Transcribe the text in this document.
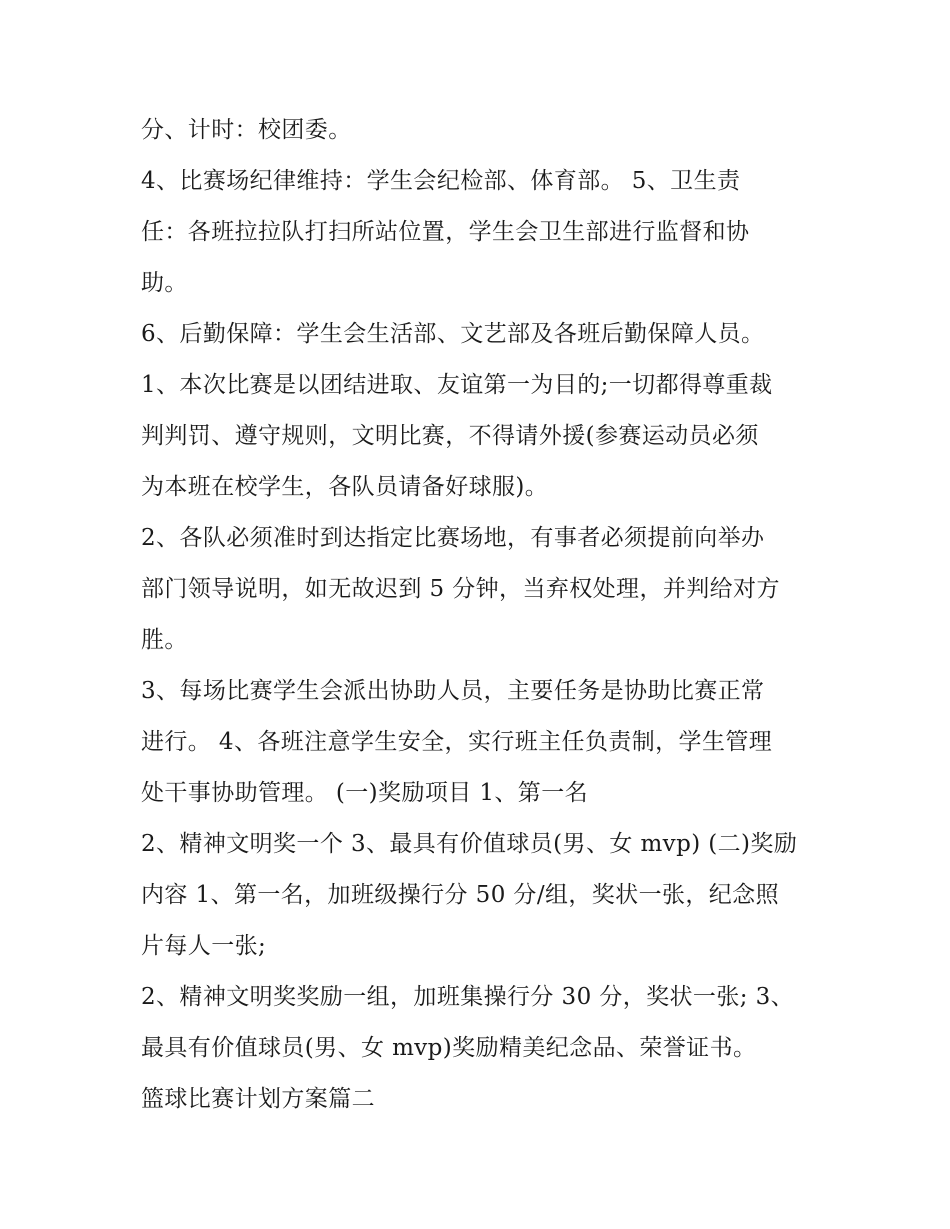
分、计时：校团委。
4、比赛场纪律维持：学生会纪检部、体育部。 5、卫生责
任：各班拉拉队打扫所站位置，学生会卫生部进行监督和协
助。
6、后勤保障：学生会生活部、文艺部及各班后勤保障人员。
1、本次比赛是以团结进取、友谊第一为目的;一切都得尊重裁
判判罚、遵守规则，文明比赛，不得请外援(参赛运动员必须
为本班在校学生，各队员请备好球服)。
2、各队必须准时到达指定比赛场地，有事者必须提前向举办
部门领导说明，如无故迟到 5 分钟，当弃权处理，并判给对方
胜。
3、每场比赛学生会派出协助人员，主要任务是协助比赛正常
进行。 4、各班注意学生安全，实行班主任负责制，学生管理
处干事协助管理。 (一)奖励项目 1、第一名
2、精神文明奖一个 3、最具有价值球员(男、女 mvp) (二)奖励
内容 1、第一名，加班级操行分 50 分/组，奖状一张，纪念照
片每人一张;
2、精神文明奖奖励一组，加班集操行分 30 分，奖状一张; 3、
最具有价值球员(男、女 mvp)奖励精美纪念品、荣誉证书。
篮球比赛计划方案篇二
